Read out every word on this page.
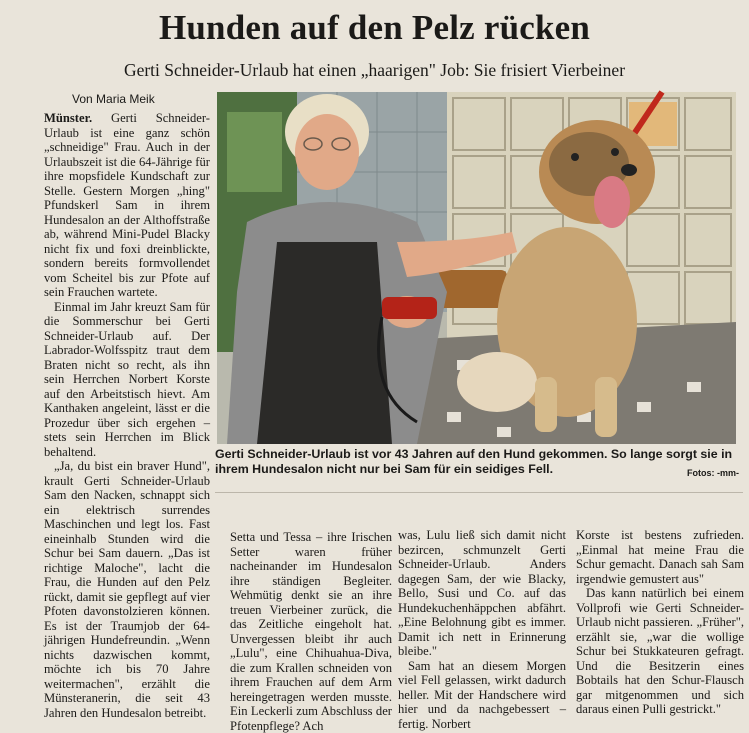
Hunden auf den Pelz rücken
Gerti Schneider-Urlaub hat einen „haarigen" Job: Sie frisiert Vierbeiner
Von Maria Meik

Münster. Gerti Schneider-Urlaub ist eine ganz schön „schneidige" Frau. Auch in der Urlaubszeit ist die 64-Jährige für ihre mopsfidele Kundschaft zur Stelle. Gestern Morgen „hing" Pfundskerl Sam in ihrem Hundesalon an der Althoffstraße ab, während Mini-Pudel Blacky nicht fix und foxi dreinblickte, sondern bereits formvollendet vom Scheitel bis zur Pfote auf sein Frauchen wartete.

Einmal im Jahr kreuzt Sam für die Sommerschur bei Gerti Schneider-Urlaub auf. Der Labrador-Wolfsspitz traut dem Braten nicht so recht, als ihn sein Herrchen Norbert Korste auf den Arbeitstisch hievt. Am Kanthaken angeleint, lässt er die Prozedur über sich ergehen – stets sein Herrchen im Blick behaltend.

„Ja, du bist ein braver Hund", krault Gerti Schneider-Urlaub Sam den Nacken, schnappt sich ein elektrisch surrendes Maschinchen und legt los. Fast eineinhalb Stunden wird die Schur bei Sam dauern. „Das ist richtige Maloche", lacht die Frau, die Hunden auf den Pelz rückt, damit sie gepflegt auf vier Pfoten davonstolzieren können. Es ist der Traumjob der 64-jährigen Hundefreundin. „Wenn nichts dazwischen kommt, möchte ich bis 70 Jahre weitermachen", erzählt die Münsteranerin, die seit 43 Jahren den Hundesalon betreibt.

Gerti Schneider-Urlaub ist vor 43 Jahren auf den Hund gekommen. So lange sorgt sie in ihrem Hundesalon nicht nur bei Sam für ein seidiges Fell.	Fotos: -mm-

Setta und Tessa – ihre Irischen Setter waren früher nacheinander im Hundesalon ihre ständigen Begleiter. Wehmütig denkt sie an ihre treuen Vierbeiner zurück, die das Zeitliche eingeholt hat. Unvergessen bleibt ihr auch „Lulu", eine Chihuahua-Diva, die zum Krallen schneiden von ihrem Frauchen auf dem Arm hereingetragen werden musste. Ein Leckerli zum Abschluss der Pfotenpflege? Ach

was, Lulu ließ sich damit nicht bezircen, schmunzelt Gerti Schneider-Urlaub. Anders dagegen Sam, der wie Blacky, Bello, Susi und Co. auf das Hundekuchenhäppchen abfährt. „Eine Belohnung gibt es immer. Damit ich nett in Erinnerung bleibe."

Sam hat an diesem Morgen viel Fell gelassen, wirkt dadurch heller. Mit der Handschere wird hier und da nachgebessert – fertig. Norbert

Korste ist bestens zufrieden. „Einmal hat meine Frau die Schur gemacht. Danach sah Sam irgendwie gemustert aus"

Das kann natürlich bei einem Vollprofi wie Gerti Schneider-Urlaub nicht passieren. „Früher", erzählt sie, „war die wollige Schur bei Stukkateuren gefragt. Und die Besitzerin eines Bobtails hat den Schur-Flausch gar mitgenommen und sich daraus einen Pulli gestrickt."
